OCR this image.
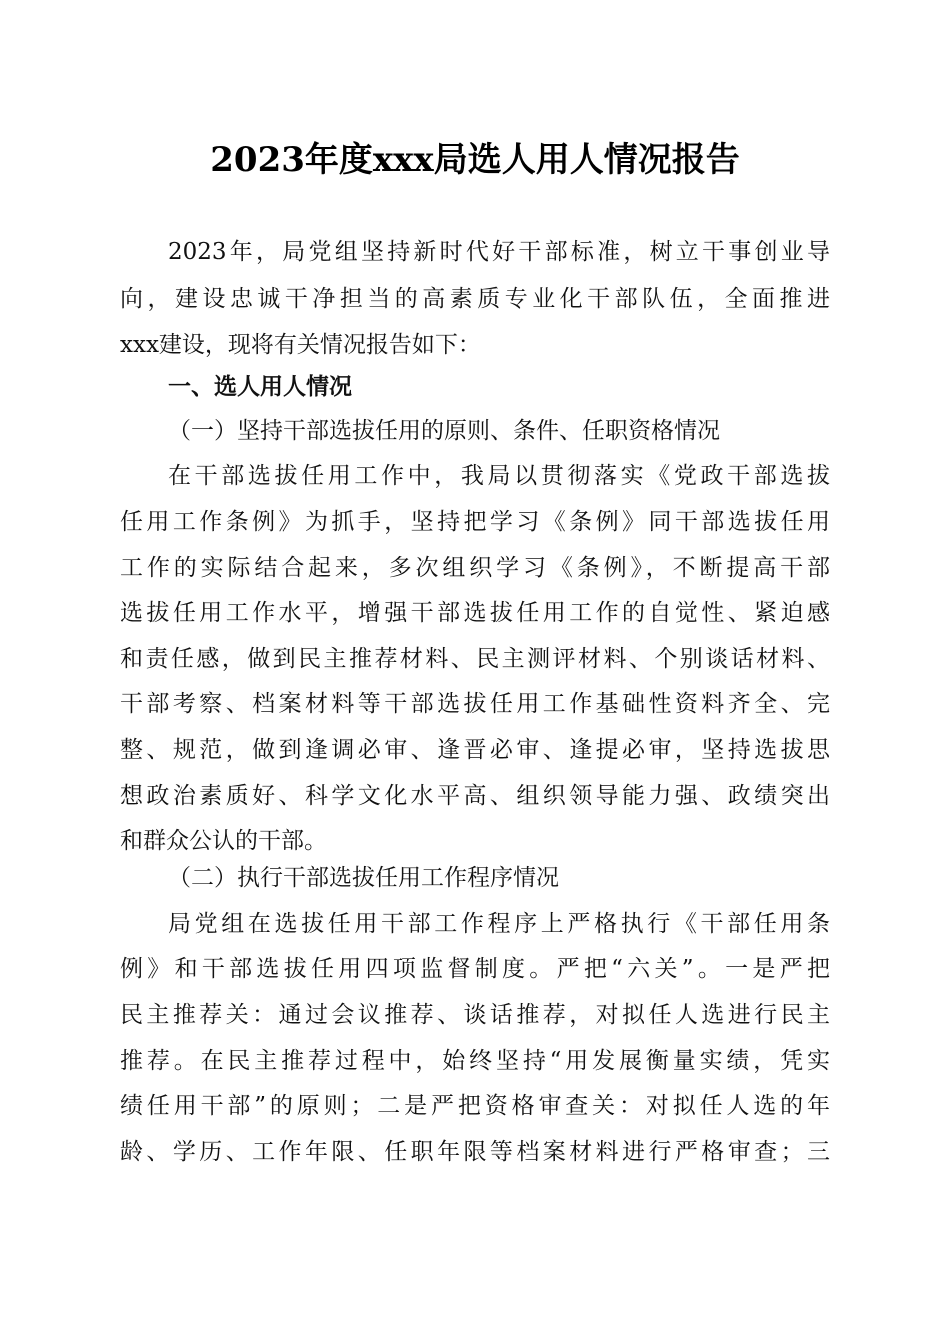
2023年度xxx局选人用人情况报告
2023年，局党组坚持新时代好干部标准，树立干事创业导
向，建设忠诚干净担当的高素质专业化干部队伍，全面推进
xxx建设，现将有关情况报告如下：
一、选人用人情况
（一）坚持干部选拔任用的原则、条件、任职资格情况
在干部选拔任用工作中，我局以贯彻落实《党政干部选拔
任用工作条例》为抓手，坚持把学习《条例》同干部选拔任用
工作的实际结合起来，多次组织学习《条例》，不断提高干部
选拔任用工作水平，增强干部选拔任用工作的自觉性、紧迫感
和责任感，做到民主推荐材料、民主测评材料、个别谈话材料、
干部考察、档案材料等干部选拔任用工作基础性资料齐全、完
整、规范，做到逢调必审、逢晋必审、逢提必审，坚持选拔思
想政治素质好、科学文化水平高、组织领导能力强、政绩突出
和群众公认的干部。
（二）执行干部选拔任用工作程序情况
局党组在选拔任用干部工作程序上严格执行《干部任用条
例》和干部选拔任用四项监督制度。严把“六关”。一是严把
民主推荐关：通过会议推荐、谈话推荐，对拟任人选进行民主
推荐。在民主推荐过程中，始终坚持“用发展衡量实绩，凭实
绩任用干部”的原则；二是严把资格审查关：对拟任人选的年
龄、学历、工作年限、任职年限等档案材料进行严格审查；三
